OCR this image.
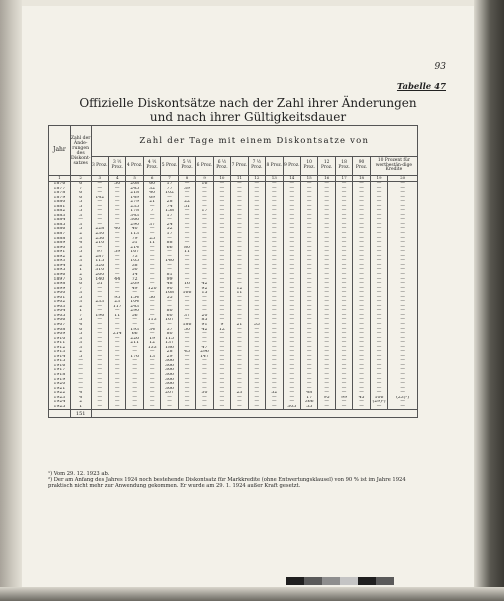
93
Tabelle 47
Offizielle Diskontsätze nach der Zahl ihrer Änderungen
und nach ihrer Gültigkeitsdauer
Jahr	Zahl der Ände-rungen des Diskont-satzes	Zahl der Tage mit einem Diskontsatze von																	
		3 Proz.	3 ½ Proz.	4 Proz.	4 ½ Proz.	5 Proz.	5 ½ Proz.	6 Proz.	6 ½ Proz.	7 Proz.	7 ½ Proz.	8 Proz.	9 Proz.	10 Proz.	12 Proz.	18 Proz.	90 Proz.	10 Prozent für wertbestän-dige Kredite	
1	2	3	4	5	6	7	8	9	10	11	12	13	14	15	16	17	18	19	20
1876	6	—	50	208	60	17	—	16	—	—	—	—	—	—	—	—	—	—	—
1877	7	—	—	245	32	77	39	—	—	—	—	—	—	—	—	—	—	—	—
1878	6	—	—	218	40	102	—	—	—	—	—	—	—	—	—	—	—	—	—
1879	6	142	—	149	69	—	—	—	—	—	—	—	—	—	—	—	—	—	—
1880	5	—	—	279	21	28	22	—	—	—	—	—	—	—	—	—	—	—	—
1881	5	—	—	235	—	74	51	—	—	—	—	—	—	—	—	—	—	—	—
1882	5	—	—	178	7	158	—	17	—	—	—	—	—	—	—	—	—	—	—
1883	3	—	—	343	—	17	—	—	—	—	—	—	—	—	—	—	—	—	—
1884	—	—	—	366	—	—	—	—	—	—	—	—	—	—	—	—	—	—	—
1885	3	—	—	290	37	24	—	—	—	—	—	—	—	—	—	—	—	—	—
1886	5	228	40	40	—	52	—	—	—	—	—	—	—	—	—	—	—	—	—
1887	2	230	—	113	—	17	—	—	—	—	—	—	—	—	—	—	—	—	—
1888	3	256	—	79	25	—	—	—	—	—	—	—	—	—	—	—	—	—	—
1889	4	210	—	51	11	88	—	—	—	—	—	—	—	—	—	—	—	—	—
1890	3	—	—	214	—	66	80	—	—	—	—	—	—	—	—	—	—	—	—
1891	5	97	59	167	—	—	11	—	—	—	—	—	—	—	—	—	—	—	—
1892	2	287	—	73	—	—	—	—	—	—	—	—	—	—	—	—	—	—	—
1893	3	115	—	105	—	140	—	—	—	—	—	—	—	—	—	—	—	—	—
1894	2	326	—	38	—	—	—	—	—	—	—	—	—	—	—	—	—	—	—
1895	1	310	—	50	—	—	—	—	—	—	—	—	—	—	—	—	—	—	—
1896	2	260	—	14	—	81	—	—	—	—	—	—	—	—	—	—	—	—	—
1897	5	140	44	72	—	99	—	—	—	—	—	—	—	—	—	—	—	—	—
1898	6	51	—	209	—	48	16	42	—	—	—	—	—	—	—	—	—	—	—
1899	7	—	—	49	120	90	—	92	—	12	—	—	—	—	—	—	—	—	—
1900	3	—	—	—	—	168	166	15	—	11	—	—	—	—	—	—	—	—	—
1901	5	—	95	154	56	55	—	—	—	—	—	—	—	—	—	—	—	—	—
1902	3	233	23	104	—	—	—	—	—	—	—	—	—	—	—	—	—	—	—
1903	2	—	117	243	—	—	—	—	—	—	—	—	—	—	—	—	—	—	—
1904	1	—	—	290	—	80	—	—	—	—	—	—	—	—	—	—	—	—	—
1905	7	196	11	56	—	60	37	20	—	—	—	—	—	—	—	—	—	—	—
1906	5	—	—	—	113	167	—	85	—	—	—	—	—	—	—	—	—	—	—
1907	4	—	—	—	—	—	186	91	9	21	55	—	—	—	—	—	—	—	—
1908	6	—	—	193	34	37	50	42	12	—	—	—	—	—	—	—	—	—	—
1909	5	—	214	66	—	80	—	—	—	—	—	—	—	—	—	—	—	—	—
1910	3	—	—	226	19	115	—	—	—	—	—	—	—	—	—	—	—	—	—
1911	3	—	—	211	12	137	—	—	—	—	—	—	—	—	—	—	—	—	—
1912	3	—	—	—	133	186	—	47	—	—	—	—	—	—	—	—	—	—	—
1913	2	—	—	—	—	28	45	296	—	—	—	—	—	—	—	—	—	—	—
1914	5	—	—	176	13	29	—	147	—	—	—	—	—	—	—	—	—	—	—
1915	—	—	—	—	—	366	—	—	—	—	—	—	—	—	—	—	—	—	—
1916	—	—	—	—	—	366	—	—	—	—	—	—	—	—	—	—	—	—	—
1917	—	—	—	—	—	366	—	—	—	—	—	—	—	—	—	—	—	—	—
1918	—	—	—	—	—	366	—	—	—	—	—	—	—	—	—	—	—	—	—
1919	—	—	—	—	—	366	—	—	—	—	—	—	—	—	—	—	—	—	—
1920	—	—	—	—	—	366	—	—	—	—	—	—	—	—	—	—	—	—	—
1921	—	—	—	—	—	366	—	—	—	—	—	—	—	—	—	—	—	—	—
1922	4	—	—	—	—	207	—	30	—	23	—	52	—	48	—	—	—	—	—
1923	4	—	—	—	—	—	—	—	—	—	—	—	—	17	95	99	45	106	(23)¹)
1924	2	—	—	—	—	—	—	—	—	—	—	—	—	366	—	—	—	(29)²)	—
1925	1	—	—	—	—	—	—	—	—	—	—	—	305	55	—	—	—	—	—
	151																		
¹) Vom 29. 12. 1923 ab.
²) Der am Anfang des Jahres 1924 noch bestehende Diskontsatz für Markkredite (ohne Entwertungsklausel) von 90 % ist im Jahre 1924 praktisch nicht mehr zur Anwendung gekommen. Er wurde am 29. 1. 1924 außer Kraft gesetzt.
